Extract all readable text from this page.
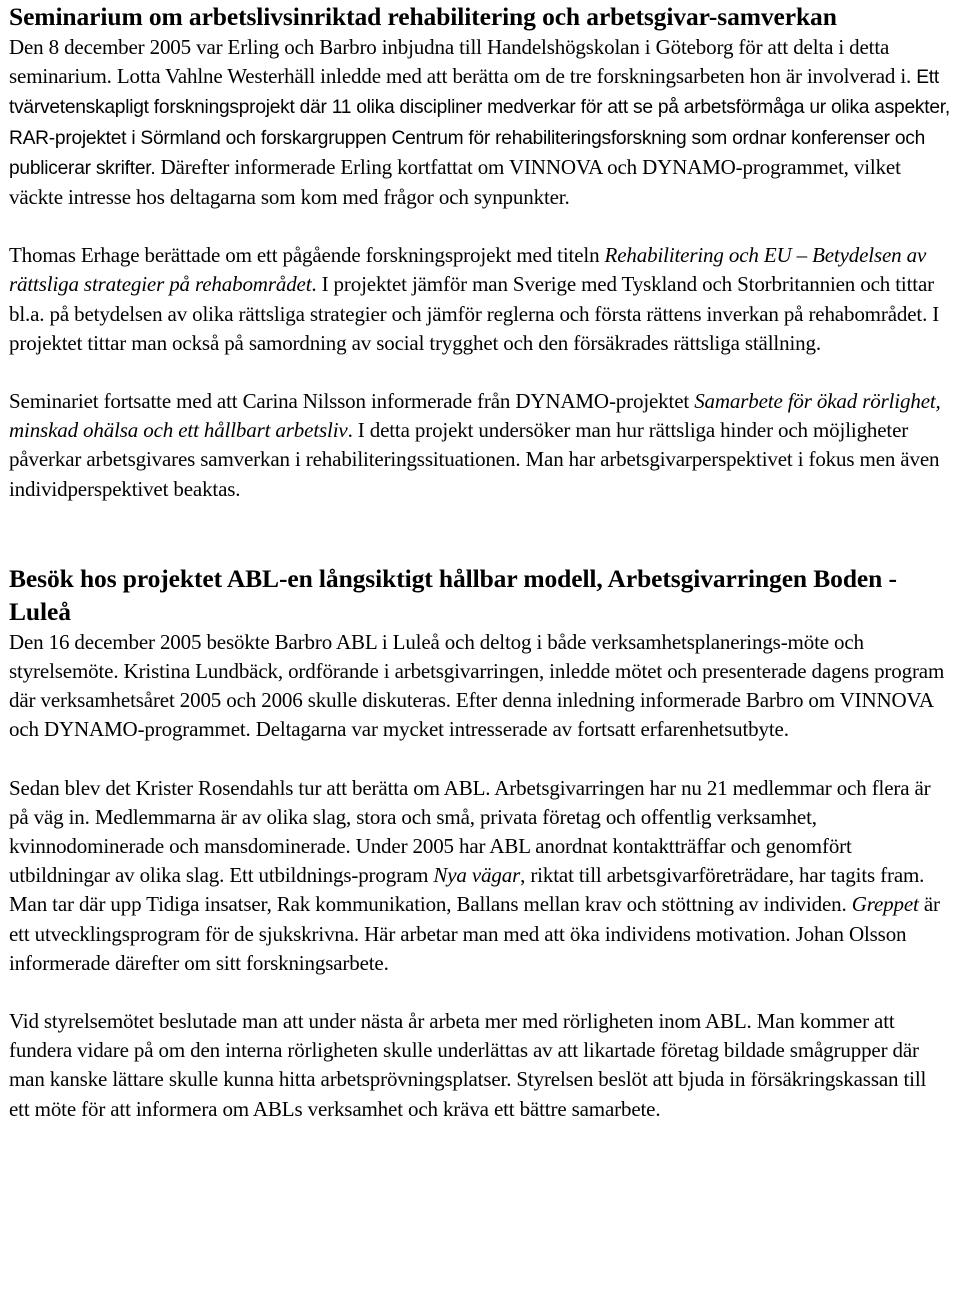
Seminarium om arbetslivsinriktad rehabilitering och arbetsgivar-samverkan

Den 8 december 2005 var Erling och Barbro inbjudna till Handelshögskolan i Göteborg för att delta i detta seminarium. Lotta Vahlne Westerhäll inledde med att berätta om de tre forskningsarbeten hon är involverad i. Ett tvärvetenskapligt forskningsprojekt där 11 olika discipliner medverkar för att se på arbetsförmåga ur olika aspekter, RAR-projektet i Sörmland och forskargruppen Centrum för rehabiliteringsforskning som ordnar konferenser och publicerar skrifter. Därefter informerade Erling kortfattat om VINNOVA och DYNAMO-programmet, vilket väckte intresse hos deltagarna som kom med frågor och synpunkter.

Thomas Erhage berättade om ett pågående forskningsprojekt med titeln Rehabilitering och EU – Betydelsen av rättsliga strategier på rehabområdet. I projektet jämför man Sverige med Tyskland och Storbritannien och tittar bl.a. på betydelsen av olika rättsliga strategier och jämför reglerna och första rättens inverkan på rehabområdet. I projektet tittar man också på samordning av social trygghet och den försäkrades rättsliga ställning.

Seminariet fortsatte med att Carina Nilsson informerade från DYNAMO-projektet Samarbete för ökad rörlighet, minskad ohälsa och ett hållbart arbetsliv. I detta projekt undersöker man hur rättsliga hinder och möjligheter påverkar arbetsgivares samverkan i rehabiliteringssituationen. Man har arbetsgivarperspektivet i fokus men även individperspektivet beaktas.

Besök hos projektet ABL-en långsiktigt hållbar modell, Arbetsgivarringen Boden - Luleå

Den 16 december 2005 besökte Barbro ABL i Luleå och deltog i både verksamhetsplanerings-möte och styrelsemöte. Kristina Lundbäck, ordförande i arbetsgivarringen, inledde mötet och presenterade dagens program där verksamhetsåret 2005 och 2006 skulle diskuteras. Efter denna inledning informerade Barbro om VINNOVA och DYNAMO-programmet. Deltagarna var mycket intresserade av fortsatt erfarenhetsutbyte.

Sedan blev det Krister Rosendahls tur att berätta om ABL. Arbetsgivarringen har nu 21 medlemmar och flera är på väg in. Medlemmarna är av olika slag, stora och små, privata företag och offentlig verksamhet, kvinnodominerade och mansdominerade. Under 2005 har ABL anordnat kontaktträffar och genomfört utbildningar av olika slag. Ett utbildnings-program Nya vägar, riktat till arbetsgivarföreträdare, har tagits fram. Man tar där upp Tidiga insatser, Rak kommunikation, Ballans mellan krav och stöttning av individen. Greppet är ett utvecklingsprogram för de sjukskrivna. Här arbetar man med att öka individens motivation. Johan Olsson informerade därefter om sitt forskningsarbete.

Vid styrelsemötet beslutade man att under nästa år arbeta mer med rörligheten inom ABL. Man kommer att fundera vidare på om den interna rörligheten skulle underlättas av att likartade företag bildade smågrupper där man kanske lättare skulle kunna hitta arbetsprövningsplatser. Styrelsen beslöt att bjuda in försäkringskassan till ett möte för att informera om ABLs verksamhet och kräva ett bättre samarbete.
